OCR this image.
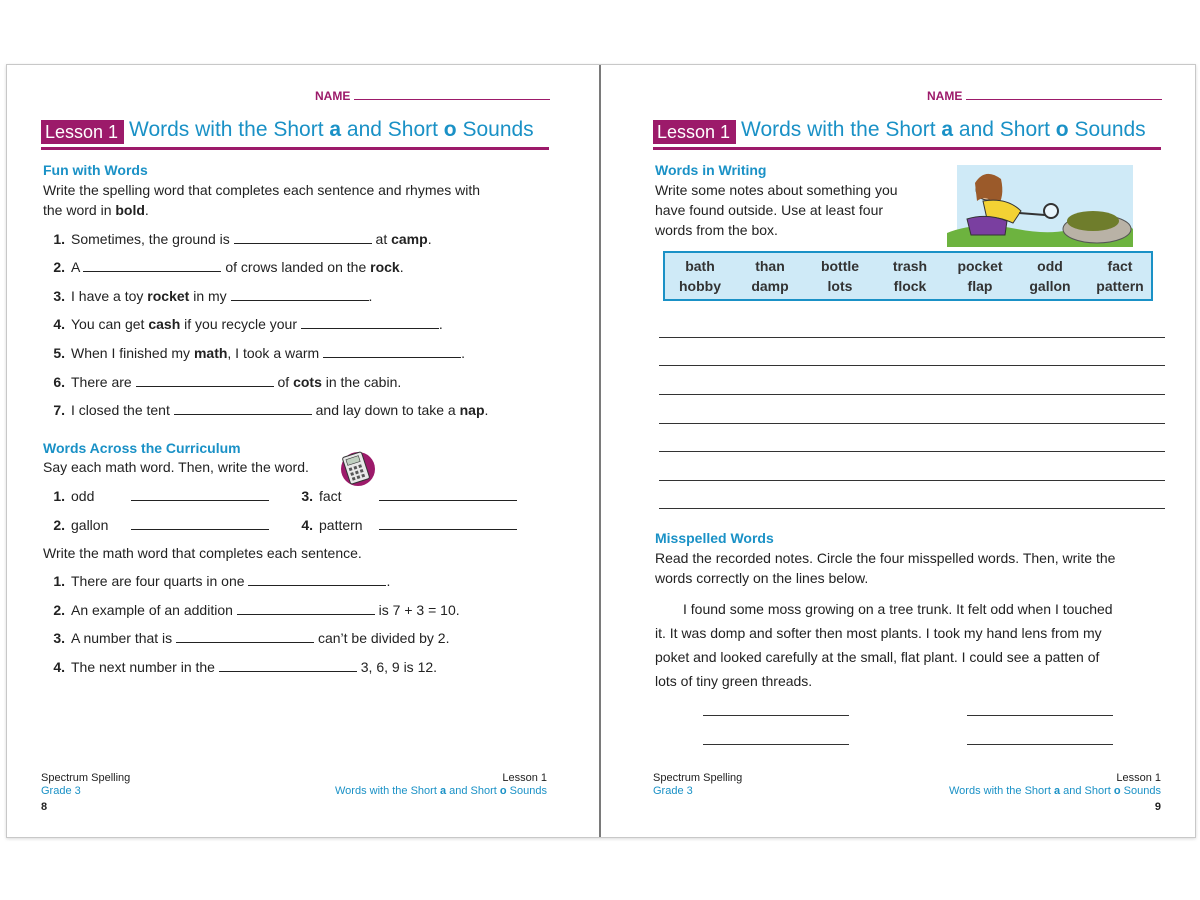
NAME
Lesson 1 Words with the Short a and Short o Sounds
Fun with Words
Write the spelling word that completes each sentence and rhymes with
the word in bold.
1. Sometimes, the ground is	at camp.
2. A	of crows landed on the rock.
3. I have a toy rocket in my	.
4. You can get cash if you recycle your	.
5. When I finished my math, I took a warm	.
6. There are	of cots in the cabin.
7. I closed the tent	and lay down to take a nap.
Words Across the Curriculum
Say each math word. Then, write the word.
1. odd	3. fact
2. gallon	4. pattern
Write the math word that completes each sentence.
1. There are four quarts in one	.
2. An example of an addition	is 7 + 3 = 10.
3. A number that is	can’t be divided by 2.
4. The next number in the	3, 6, 9 is 12.
Spectrum Spelling
Grade 3
8
Lesson 1
Words with the Short a and Short o Sounds
NAME
Lesson 1 Words with the Short a and Short o Sounds
Words in Writing
Write some notes about something you
have found outside. Use at least four
words from the box.
bath	than	bottle	trash	pocket	odd	fact
hobby	damp	lots	flock	flap	gallon	pattern
Misspelled Words
Read the recorded notes. Circle the four misspelled words. Then, write the
words correctly on the lines below.
I found some moss growing on a tree trunk. It felt odd when I touched
it. It was domp and softer then most plants. I took my hand lens from my
poket and looked carefully at the small, flat plant. I could see a patten of
lots of tiny green threads.
Spectrum Spelling
Grade 3
9
Lesson 1
Words with the Short a and Short o Sounds
